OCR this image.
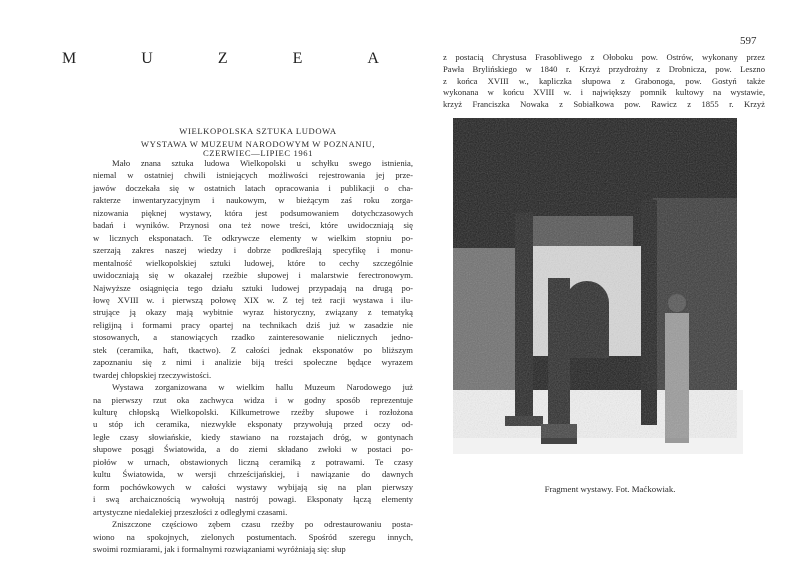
M	U	Z	E	A
WIELKOPOLSKA SZTUKA LUDOWA
WYSTAWA W MUZEUM NARODOWYM W POZNANIU,
CZERWIEC—LIPIEC 1961
Mało znana sztuka ludowa Wielkopolski u schyłku swego istnienia,
niemal w ostatniej chwili istniejących możliwości rejestrowania jej prze-
jawów doczekała się w ostatnich latach opracowania i publikacji o cha-
rakterze inwentaryzacyjnym i naukowym, w bieżącym zaś roku zorga-
nizowania pięknej wystawy, która jest podsumowaniem dotychczasowych
badań i wyników. Przynosi ona też nowe treści, które uwidoczniają się
w licznych eksponatach. Te odkrywcze elementy w wielkim stopniu po-
szerzają zakres naszej wiedzy i dobrze podkreślają specyfikę i monu-
mentalność wielkopolskiej sztuki ludowej, które to cechy szczególnie
uwidoczniają się w okazałej rzeźbie słupowej i malarstwie ferectronowym.
Najwyższe osiągnięcia tego działu sztuki ludowej przypadają na drugą po-
łowę XVIII w. i pierwszą połowę XIX w. Z tej też racji wystawa i ilu-
strujące ją okazy mają wybitnie wyraz historyczny, związany z tematyką
religijną i formami pracy opartej na technikach dziś już w zasadzie nie
stosowanych, a stanowiących rzadko zainteresowanie nielicznych jedno-
stek (ceramika, haft, tkactwo). Z całości jednak eksponatów po bliższym
zapoznaniu się z nimi i analizie biją treści społeczne będące wyrazem
twardej chłopskiej rzeczywistości.
Wystawa zorganizowana w wielkim hallu Muzeum Narodowego już
na pierwszy rzut oka zachwyca widza i w godny sposób reprezentuje
kulturę chłopską Wielkopolski. Kilkumetrowe rzeźby słupowe i rozłożona
u stóp ich ceramika, niezwykłe eksponaty przywołują przed oczy od-
ległe czasy słowiańskie, kiedy stawiano na rozstajach dróg, w gontynach
słupowe posągi Światowida, a do ziemi składano zwłoki w postaci po-
piołów w urnach, obstawionych liczną ceramiką z potrawami. Te czasy
kultu Światowida, w wersji chrześcijańskiej, i nawiązanie do dawnych
form pochówkowych w całości wystawy wybijają się na plan pierwszy
i swą archaicznością wywołują nastrój powagi. Eksponaty łączą elementy
artystyczne niedalekiej przeszłości z odległymi czasami.
Zniszczone częściowo zębem czasu rzeźby po odrestaurowaniu posta-
wiono na spokojnych, zielonych postumentach. Spośród szeregu innych,
swoimi rozmiarami, jak i formalnymi rozwiązaniami wyróżniają się: słup
597
z postacią Chrystusa Frasobliwego z Ołoboku pow. Ostrów, wykonany przez
Pawła Brylińskiego w 1840 r. Krzyż przydrożny z Drobnicza, pow. Leszno
z końca XVIII w., kapliczka słupowa z Grabonoga, pow. Gostyń także
wykonana w końcu XVIII w. i największy pomnik kultowy na wystawie,
krzyż Franciszka Nowaka z Sobiałkowa pow. Rawicz z 1855 r. Krzyż
Fragment wystawy. Fot. Maćkowiak.
